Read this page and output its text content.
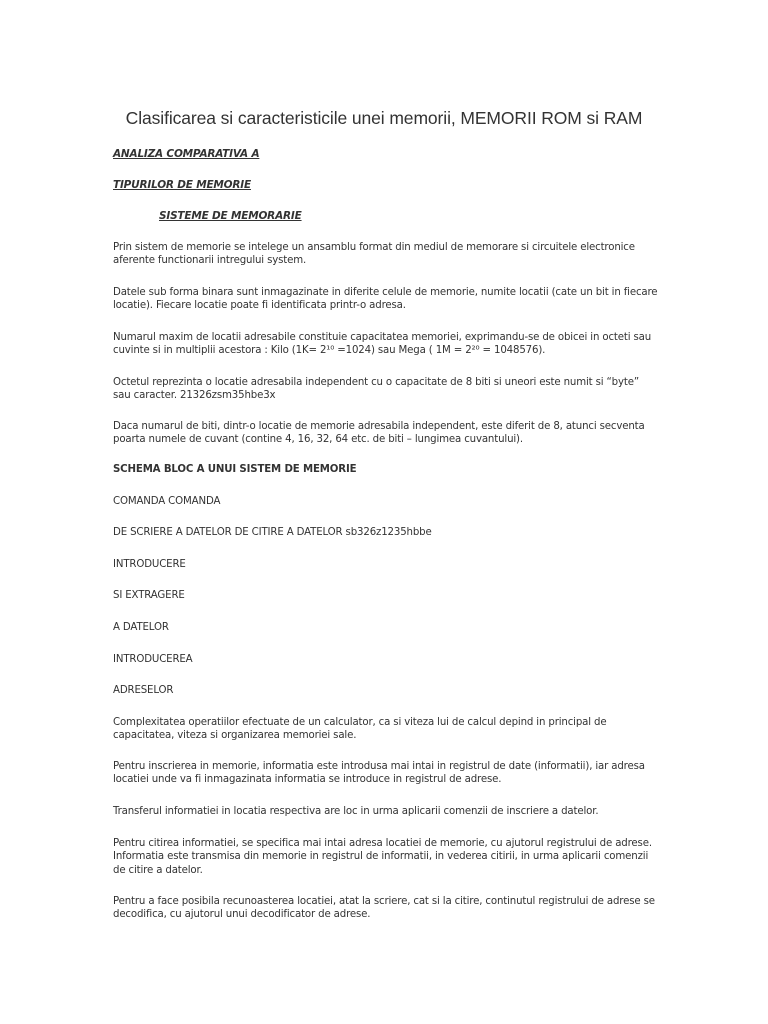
Clasificarea si caracteristicile unei memorii, MEMORII ROM si RAM
ANALIZA COMPARATIVA A
TIPURILOR DE MEMORIE
SISTEME DE MEMORARIE
Prin sistem de memorie se intelege un ansamblu format din mediul de memorare si circuitele electronice aferente functionarii intregului system.
Datele sub forma binara sunt inmagazinate in diferite celule de memorie, numite locatii (cate un bit in fiecare locatie). Fiecare locatie poate fi identificata printr-o adresa.
Numarul maxim de locatii adresabile constituie capacitatea memoriei, exprimandu-se de obicei in octeti sau cuvinte si in multiplii acestora : Kilo (1K= 2¹⁰ =1024) sau Mega ( 1M = 2²⁰ = 1048576).
Octetul reprezinta o locatie adresabila independent cu o capacitate de 8 biti si uneori este numit si “byte” sau caracter. 21326zsm35hbe3x
Daca numarul de biti, dintr-o locatie de memorie adresabila independent, este diferit de 8, atunci secventa poarta numele de cuvant (contine 4, 16, 32, 64 etc. de biti – lungimea cuvantului).
SCHEMA BLOC A UNUI SISTEM DE MEMORIE
COMANDA COMANDA
DE SCRIERE A DATELOR DE CITIRE A DATELOR sb326z1235hbbe
INTRODUCERE
SI EXTRAGERE
A DATELOR
INTRODUCEREA
ADRESELOR
Complexitatea operatiilor efectuate de un calculator, ca si viteza lui de calcul depind in principal de capacitatea, viteza si organizarea memoriei sale.
Pentru inscrierea in memorie, informatia este introdusa mai intai in registrul de date (informatii), iar adresa locatiei unde va fi inmagazinata informatia se introduce in registrul de adrese.
Transferul informatiei in locatia respectiva are loc in urma aplicarii comenzii de inscriere a datelor.
Pentru citirea informatiei, se specifica mai intai adresa locatiei de memorie, cu ajutorul registrului de adrese. Informatia este transmisa din memorie in registrul de informatii, in vederea citirii, in urma aplicarii comenzii de citire a datelor.
Pentru a face posibila recunoasterea locatiei, atat la scriere, cat si la citire, continutul registrului de adrese se decodifica, cu ajutorul unui decodificator de adrese.
